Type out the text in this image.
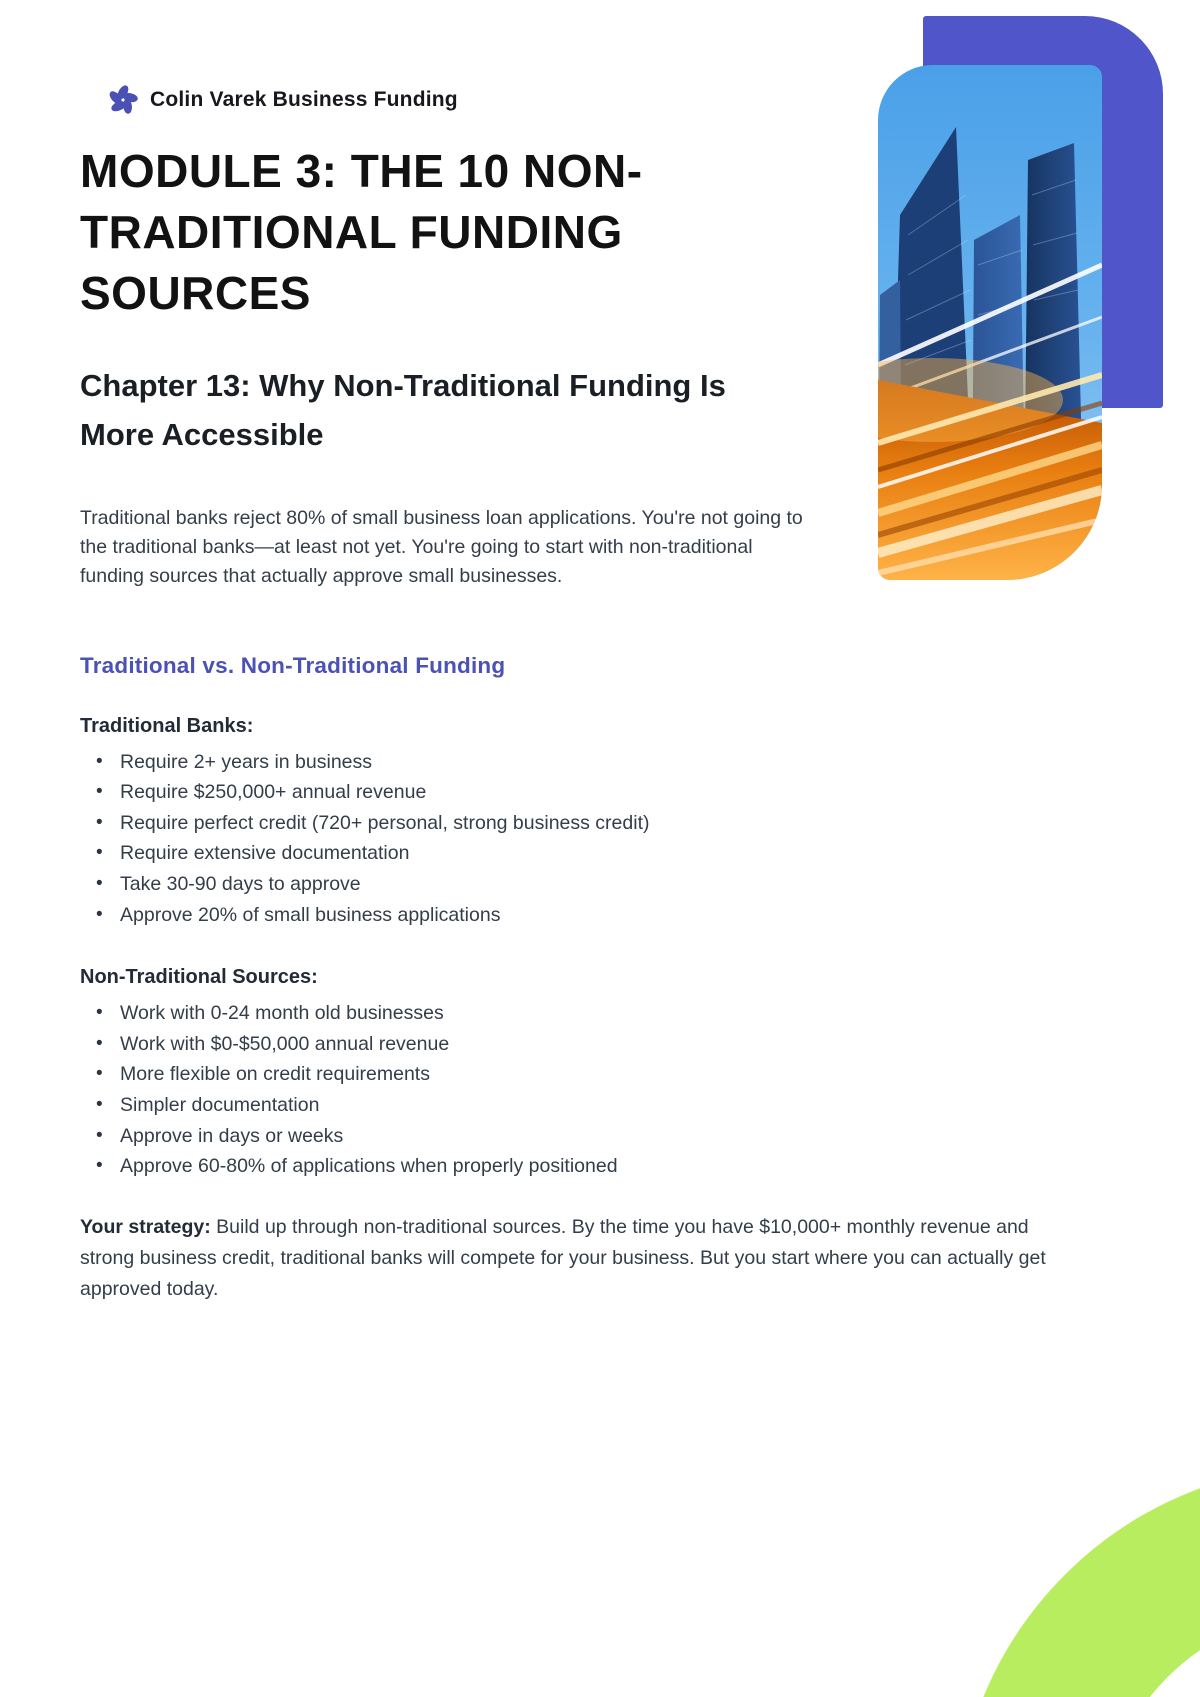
Colin Varek Business Funding
MODULE 3: THE 10 NON-TRADITIONAL FUNDING SOURCES
Chapter 13: Why Non-Traditional Funding Is More Accessible

Traditional banks reject 80% of small business loan applications. You're not going to the traditional banks—at least not yet. You're going to start with non-traditional funding sources that actually approve small businesses.

Traditional vs. Non-Traditional Funding
Traditional Banks:
• Require 2+ years in business
• Require $250,000+ annual revenue
• Require perfect credit (720+ personal, strong business credit)
• Require extensive documentation
• Take 30-90 days to approve
• Approve 20% of small business applications
Non-Traditional Sources:
• Work with 0-24 month old businesses
• Work with $0-$50,000 annual revenue
• More flexible on credit requirements
• Simpler documentation
• Approve in days or weeks
• Approve 60-80% of applications when properly positioned

Your strategy: Build up through non-traditional sources. By the time you have $10,000+ monthly revenue and strong business credit, traditional banks will compete for your business. But you start where you can actually get approved today.
